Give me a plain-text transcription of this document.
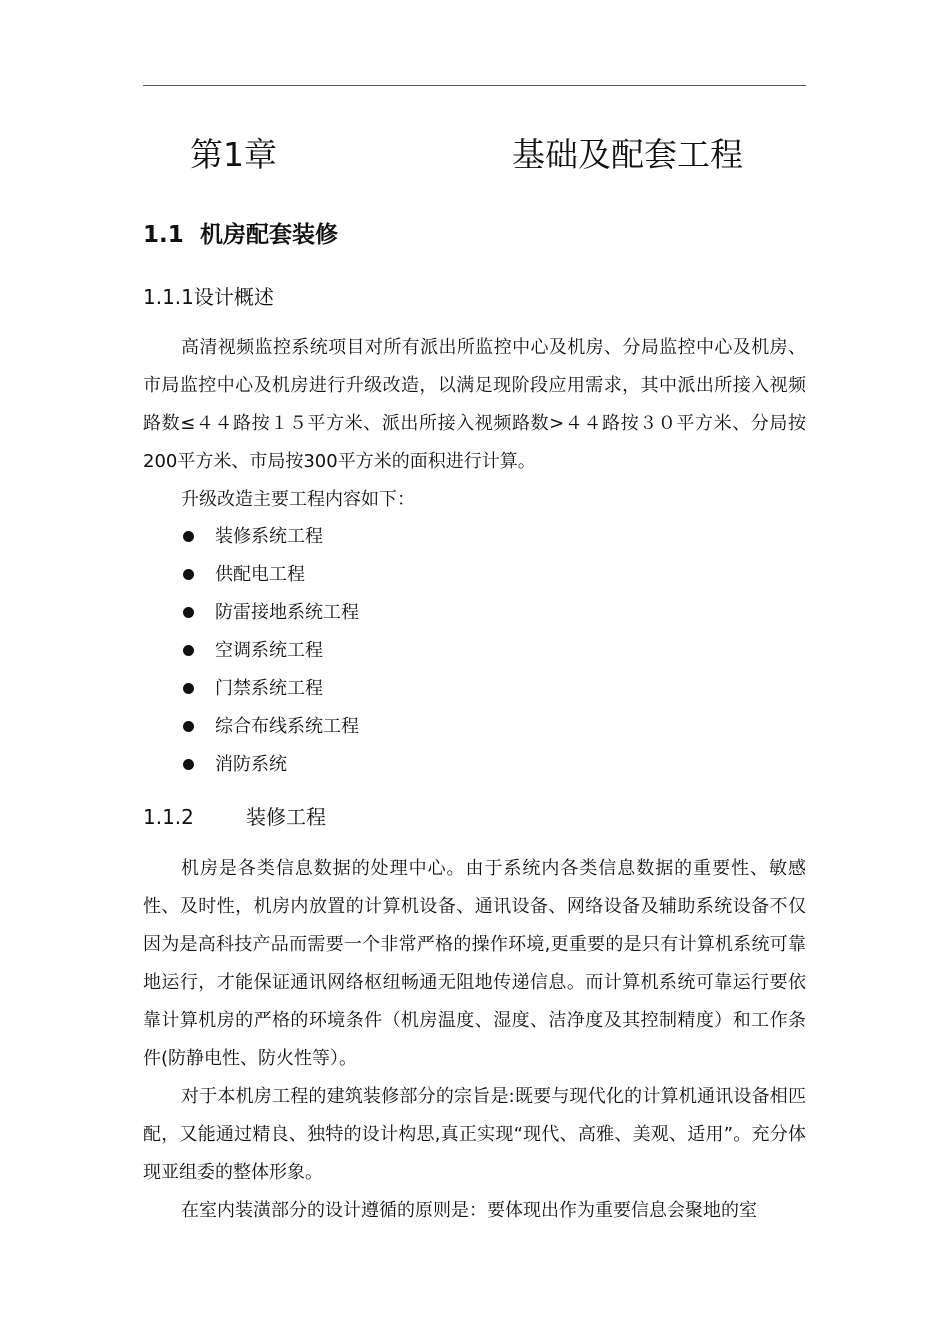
第1章	基础及配套工程
1.1 机房配套装修
1.1.1设计概述

高清视频监控系统项目对所有派出所监控中心及机房、分局监控中心及机房、市局监控中心及机房进行升级改造，以满足现阶段应用需求，其中派出所接入视频路数≤４４路按１５平方米、派出所接入视频路数>４４路按３０平方米、分局按200平方米、市局按300平方米的面积进行计算。

升级改造主要工程内容如下：

装修系统工程
供配电工程
防雷接地系统工程
空调系统工程
门禁系统工程
综合布线系统工程
消防系统
1.1.2	装修工程

机房是各类信息数据的处理中心。由于系统内各类信息数据的重要性、敏感性、及时性，机房内放置的计算机设备、通讯设备、网络设备及辅助系统设备不仅因为是高科技产品而需要一个非常严格的操作环境,更重要的是只有计算机系统可靠地运行，才能保证通讯网络枢纽畅通无阻地传递信息。而计算机系统可靠运行要依靠计算机房的严格的环境条件（机房温度、湿度、洁净度及其控制精度）和工作条件(防静电性、防火性等）。

对于本机房工程的建筑装修部分的宗旨是:既要与现代化的计算机通讯设备相匹配，又能通过精良、独特的设计构思,真正实现“现代、高雅、美观、适用”。充分体现亚组委的整体形象。

在室内装潢部分的设计遵循的原则是：要体现出作为重要信息会聚地的室
